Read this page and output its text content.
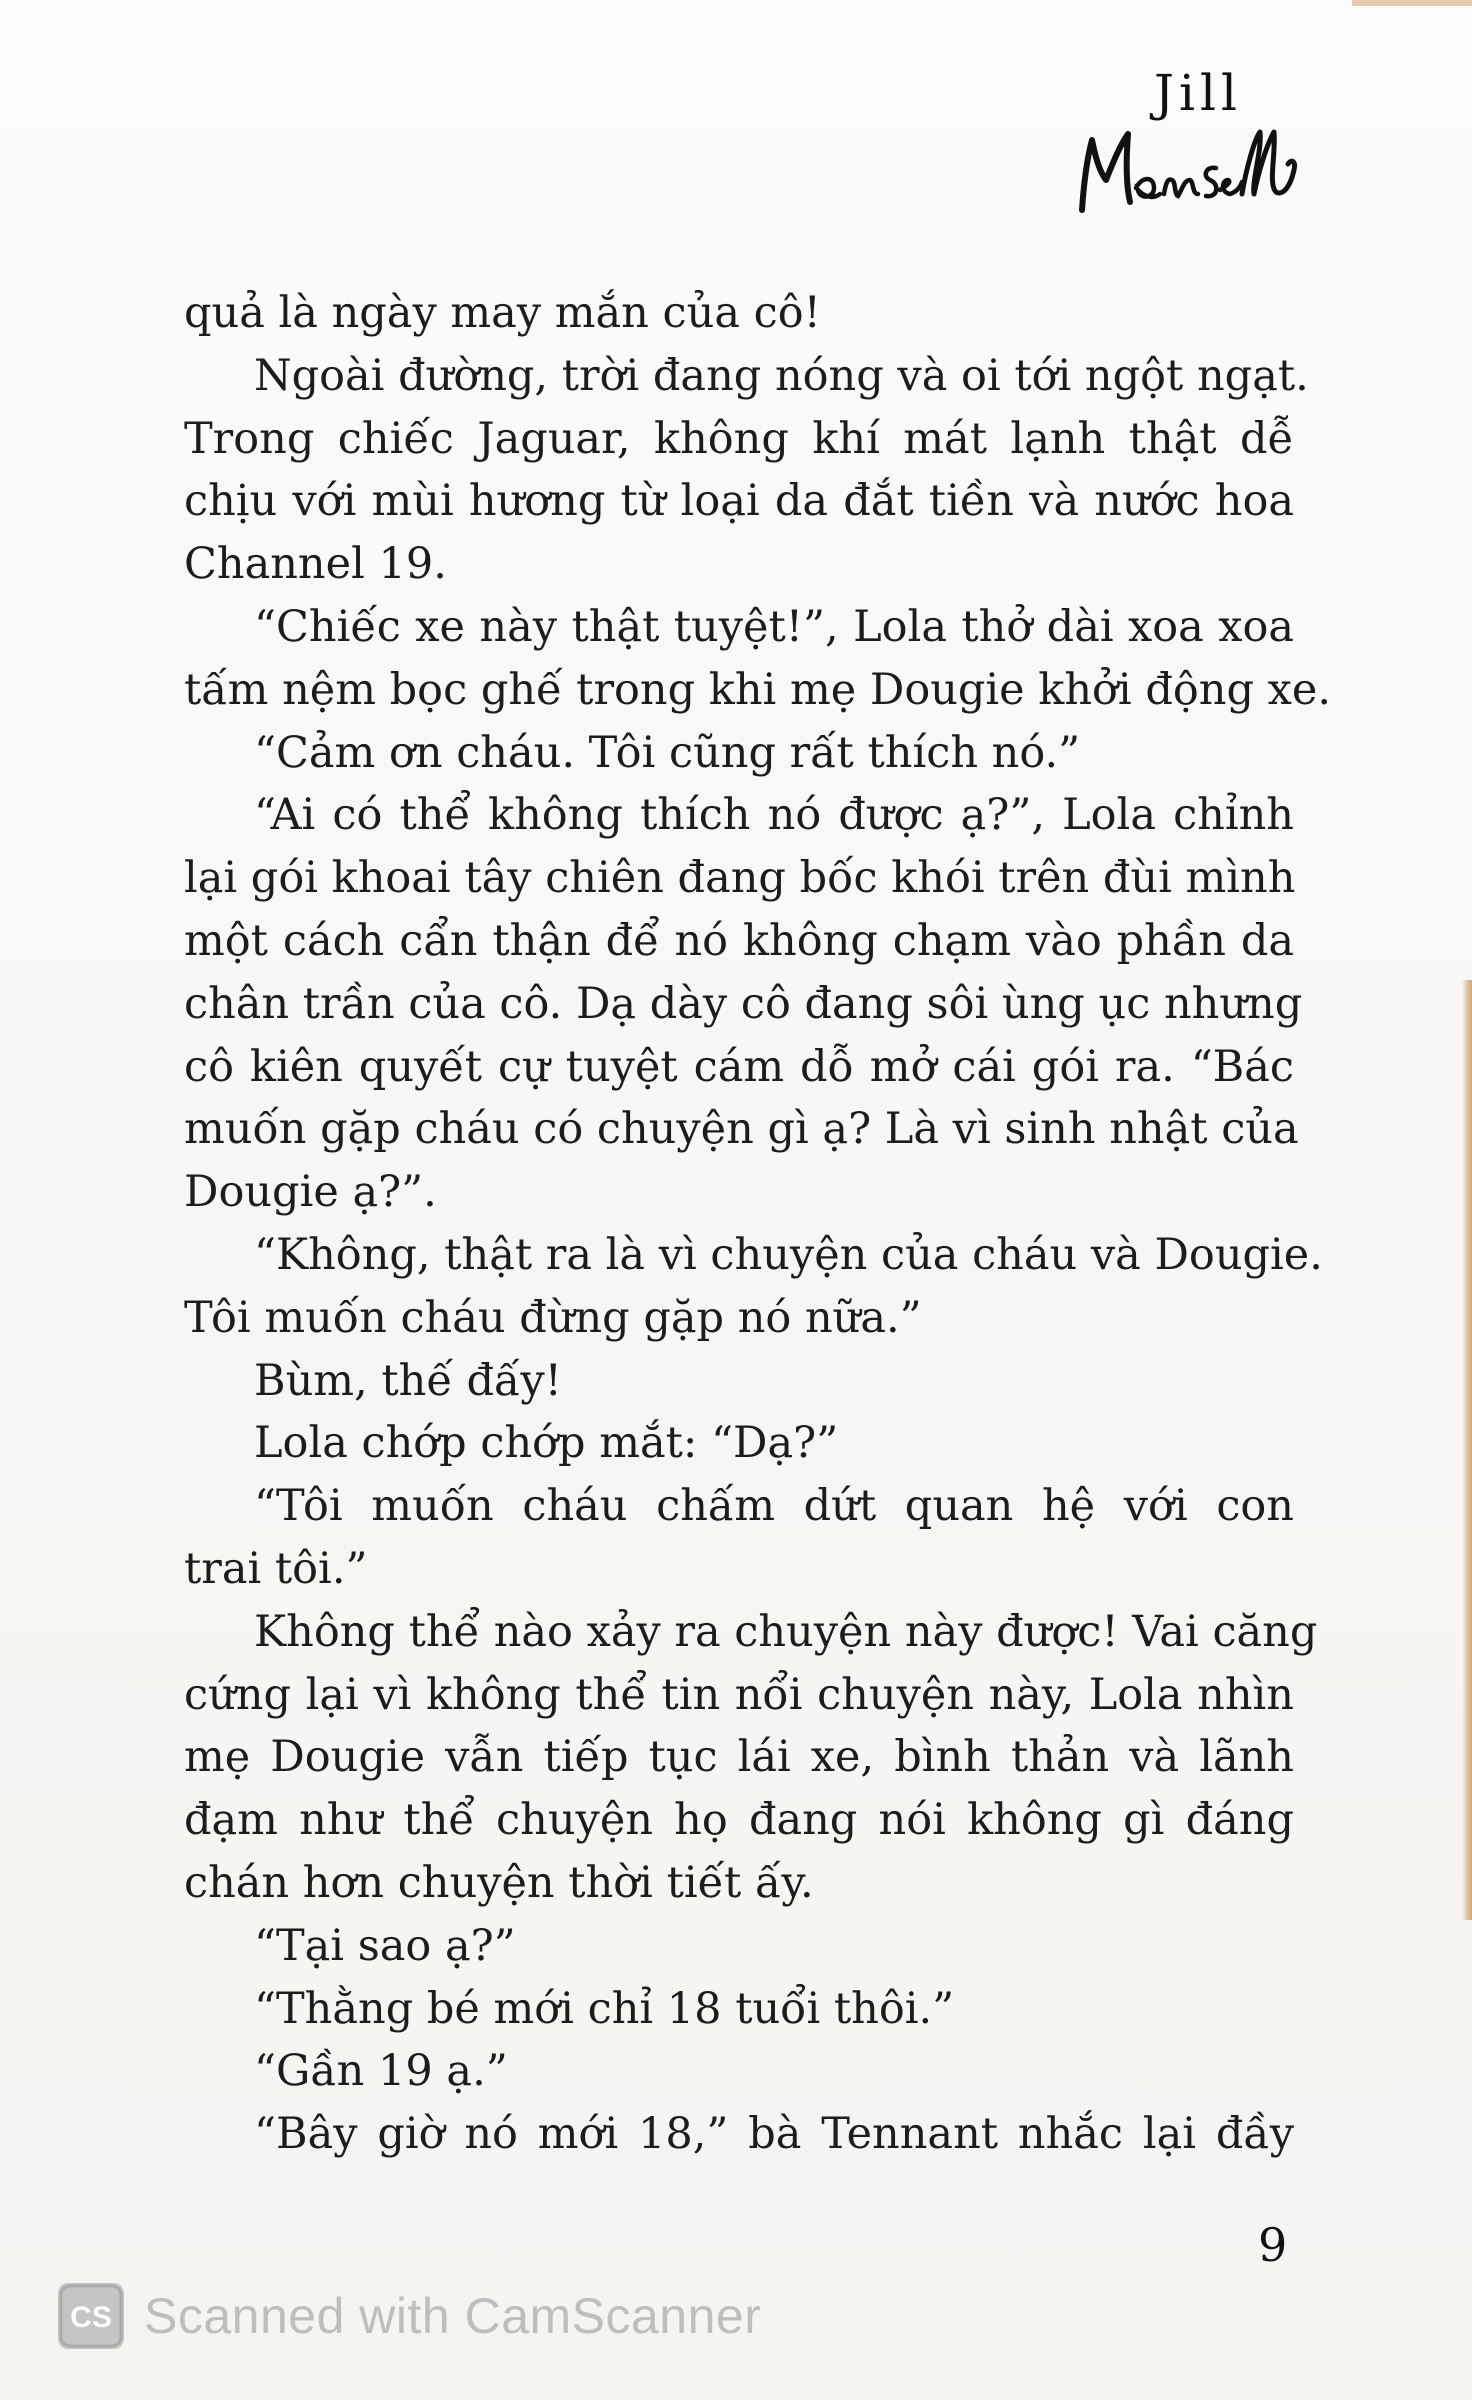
Jill
quả là ngày may mắn của cô!
Ngoài đường, trời đang nóng và oi tới ngột ngạt.
Trong chiếc Jaguar, không khí mát lạnh thật dễ
chịu với mùi hương từ loại da đắt tiền và nước hoa
Channel 19.
“Chiếc xe này thật tuyệt!”, Lola thở dài xoa xoa
tấm nệm bọc ghế trong khi mẹ Dougie khởi động xe.
“Cảm ơn cháu. Tôi cũng rất thích nó.”
“Ai có thể không thích nó được ạ?”, Lola chỉnh
lại gói khoai tây chiên đang bốc khói trên đùi mình
một cách cẩn thận để nó không chạm vào phần da
chân trần của cô. Dạ dày cô đang sôi ùng ục nhưng
cô kiên quyết cự tuyệt cám dỗ mở cái gói ra. “Bác
muốn gặp cháu có chuyện gì ạ? Là vì sinh nhật của
Dougie ạ?”.
“Không, thật ra là vì chuyện của cháu và Dougie.
Tôi muốn cháu đừng gặp nó nữa.”
Bùm, thế đấy!
Lola chớp chớp mắt: “Dạ?”
“Tôi muốn cháu chấm dứt quan hệ với con
trai tôi.”
Không thể nào xảy ra chuyện này được! Vai căng
cứng lại vì không thể tin nổi chuyện này, Lola nhìn
mẹ Dougie vẫn tiếp tục lái xe, bình thản và lãnh
đạm như thể chuyện họ đang nói không gì đáng
chán hơn chuyện thời tiết ấy.
“Tại sao ạ?”
“Thằng bé mới chỉ 18 tuổi thôi.”
“Gần 19 ạ.”
“Bây giờ nó mới 18,” bà Tennant nhắc lại đầy
9
CS Scanned with CamScanner
